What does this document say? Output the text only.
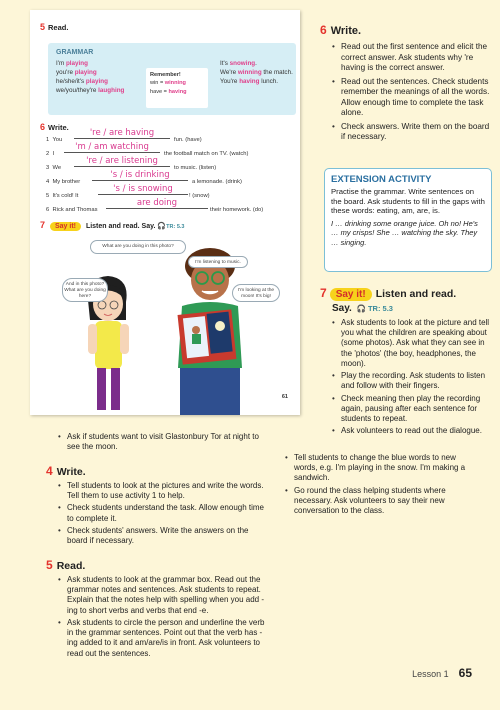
5 Read.
GRAMMAR
I'm playing
you're playing
he/she/it's playing
we/you/they're laughing
Remember!
win = winning
have = having
It's snowing.
We're winning the match.
You're having lunch.
6 Write.
1 You
're / are having
fun. (have)
2 I
'm / am watching
the football match on TV. (watch)
3 We
're / are listening
to music. (listen)
4 My brother
's / is drinking
a lemonade. (drink)
5 It's cold! It
's / is snowing
! (snow)
6 Rick and Thomas
are doing
their homework. (do)
7 Say it! Listen and read. Say. 🎧TR: 5.3
What are you doing in this photo?
I'm listening to music.
And in this photo? What are you doing here?
I'm looking at the moon! It's big!
61
6 Write.
• Read out the first sentence and elicit the correct answer. Ask students why 're having is the correct answer.
• Read out the sentences. Check students remember the meanings of all the words. Allow enough time to complete the task alone.
• Check answers. Write them on the board if necessary.
EXTENSION ACTIVITY
Practise the grammar. Write sentences on the board. Ask students to fill in the gaps with these words: eating, am, are, is.
I … drinking some orange juice. Oh no! He's … my crisps! She … watching the sky. They … singing.
7 Say it! Listen and read.
Say. 🎧 TR: 5.3
• Ask students to look at the picture and tell you what the children are speaking about (some photos). Ask what they can see in the 'photos' (the boy, headphones, the moon).
• Play the recording. Ask students to listen and follow with their fingers.
• Check meaning then play the recording again, pausing after each sentence for students to repeat.
• Ask volunteers to read out the dialogue.
• Ask if students want to visit Glastonbury Tor at night to see the moon.
4 Write.
• Tell students to look at the pictures and write the words. Tell them to use activity 1 to help.
• Check students understand the task. Allow enough time to complete it.
• Check students' answers. Write the answers on the board if necessary.
5 Read.
• Ask students to look at the grammar box. Read out the grammar notes and sentences. Ask students to repeat. Explain that the notes help with spelling when you add -ing to short verbs and verbs that end -e.
• Ask students to circle the person and underline the verb in the grammar sentences. Point out that the verb has -ing added to it and am/are/is in front. Ask volunteers to read out the sentences.
• Tell students to change the blue words to new words, e.g. I'm playing in the snow. I'm making a sandwich.
• Go round the class helping students where necessary. Ask volunteers to say their new conversation to the class.
Lesson 1 65
